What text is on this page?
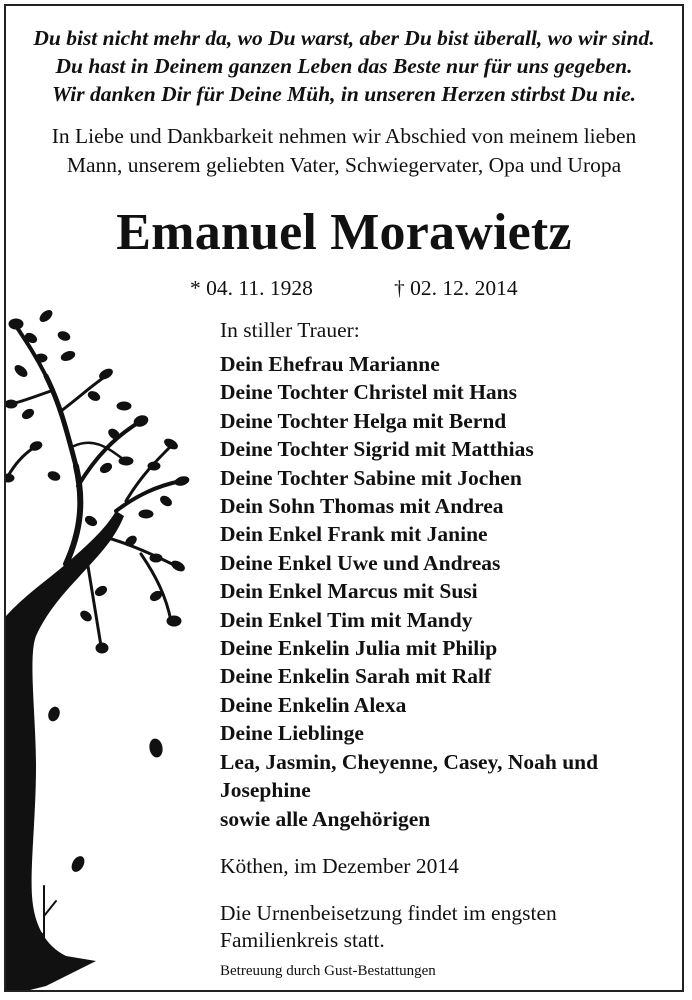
Du bist nicht mehr da, wo Du warst, aber Du bist überall, wo wir sind.
Du hast in Deinem ganzen Leben das Beste nur für uns gegeben.
Wir danken Dir für Deine Müh, in unseren Herzen stirbst Du nie.
In Liebe und Dankbarkeit nehmen wir Abschied von meinem lieben
Mann, unserem geliebten Vater, Schwiegervater, Opa und Uropa
Emanuel Morawietz
* 04. 11. 1928	† 02. 12. 2014
In stiller Trauer:
Dein Ehefrau Marianne
Deine Tochter Christel mit Hans
Deine Tochter Helga mit Bernd
Deine Tochter Sigrid mit Matthias
Deine Tochter Sabine mit Jochen
Dein Sohn Thomas mit Andrea
Dein Enkel Frank mit Janine
Deine Enkel Uwe und Andreas
Dein Enkel Marcus mit Susi
Dein Enkel Tim mit Mandy
Deine Enkelin Julia mit Philip
Deine Enkelin Sarah mit Ralf
Deine Enkelin Alexa
Deine Lieblinge
Lea, Jasmin, Cheyenne, Casey, Noah und
Josephine
sowie alle Angehörigen
Köthen, im Dezember 2014
Die Urnenbeisetzung findet im engsten
Familienkreis statt.
Betreuung durch Gust-Bestattungen
